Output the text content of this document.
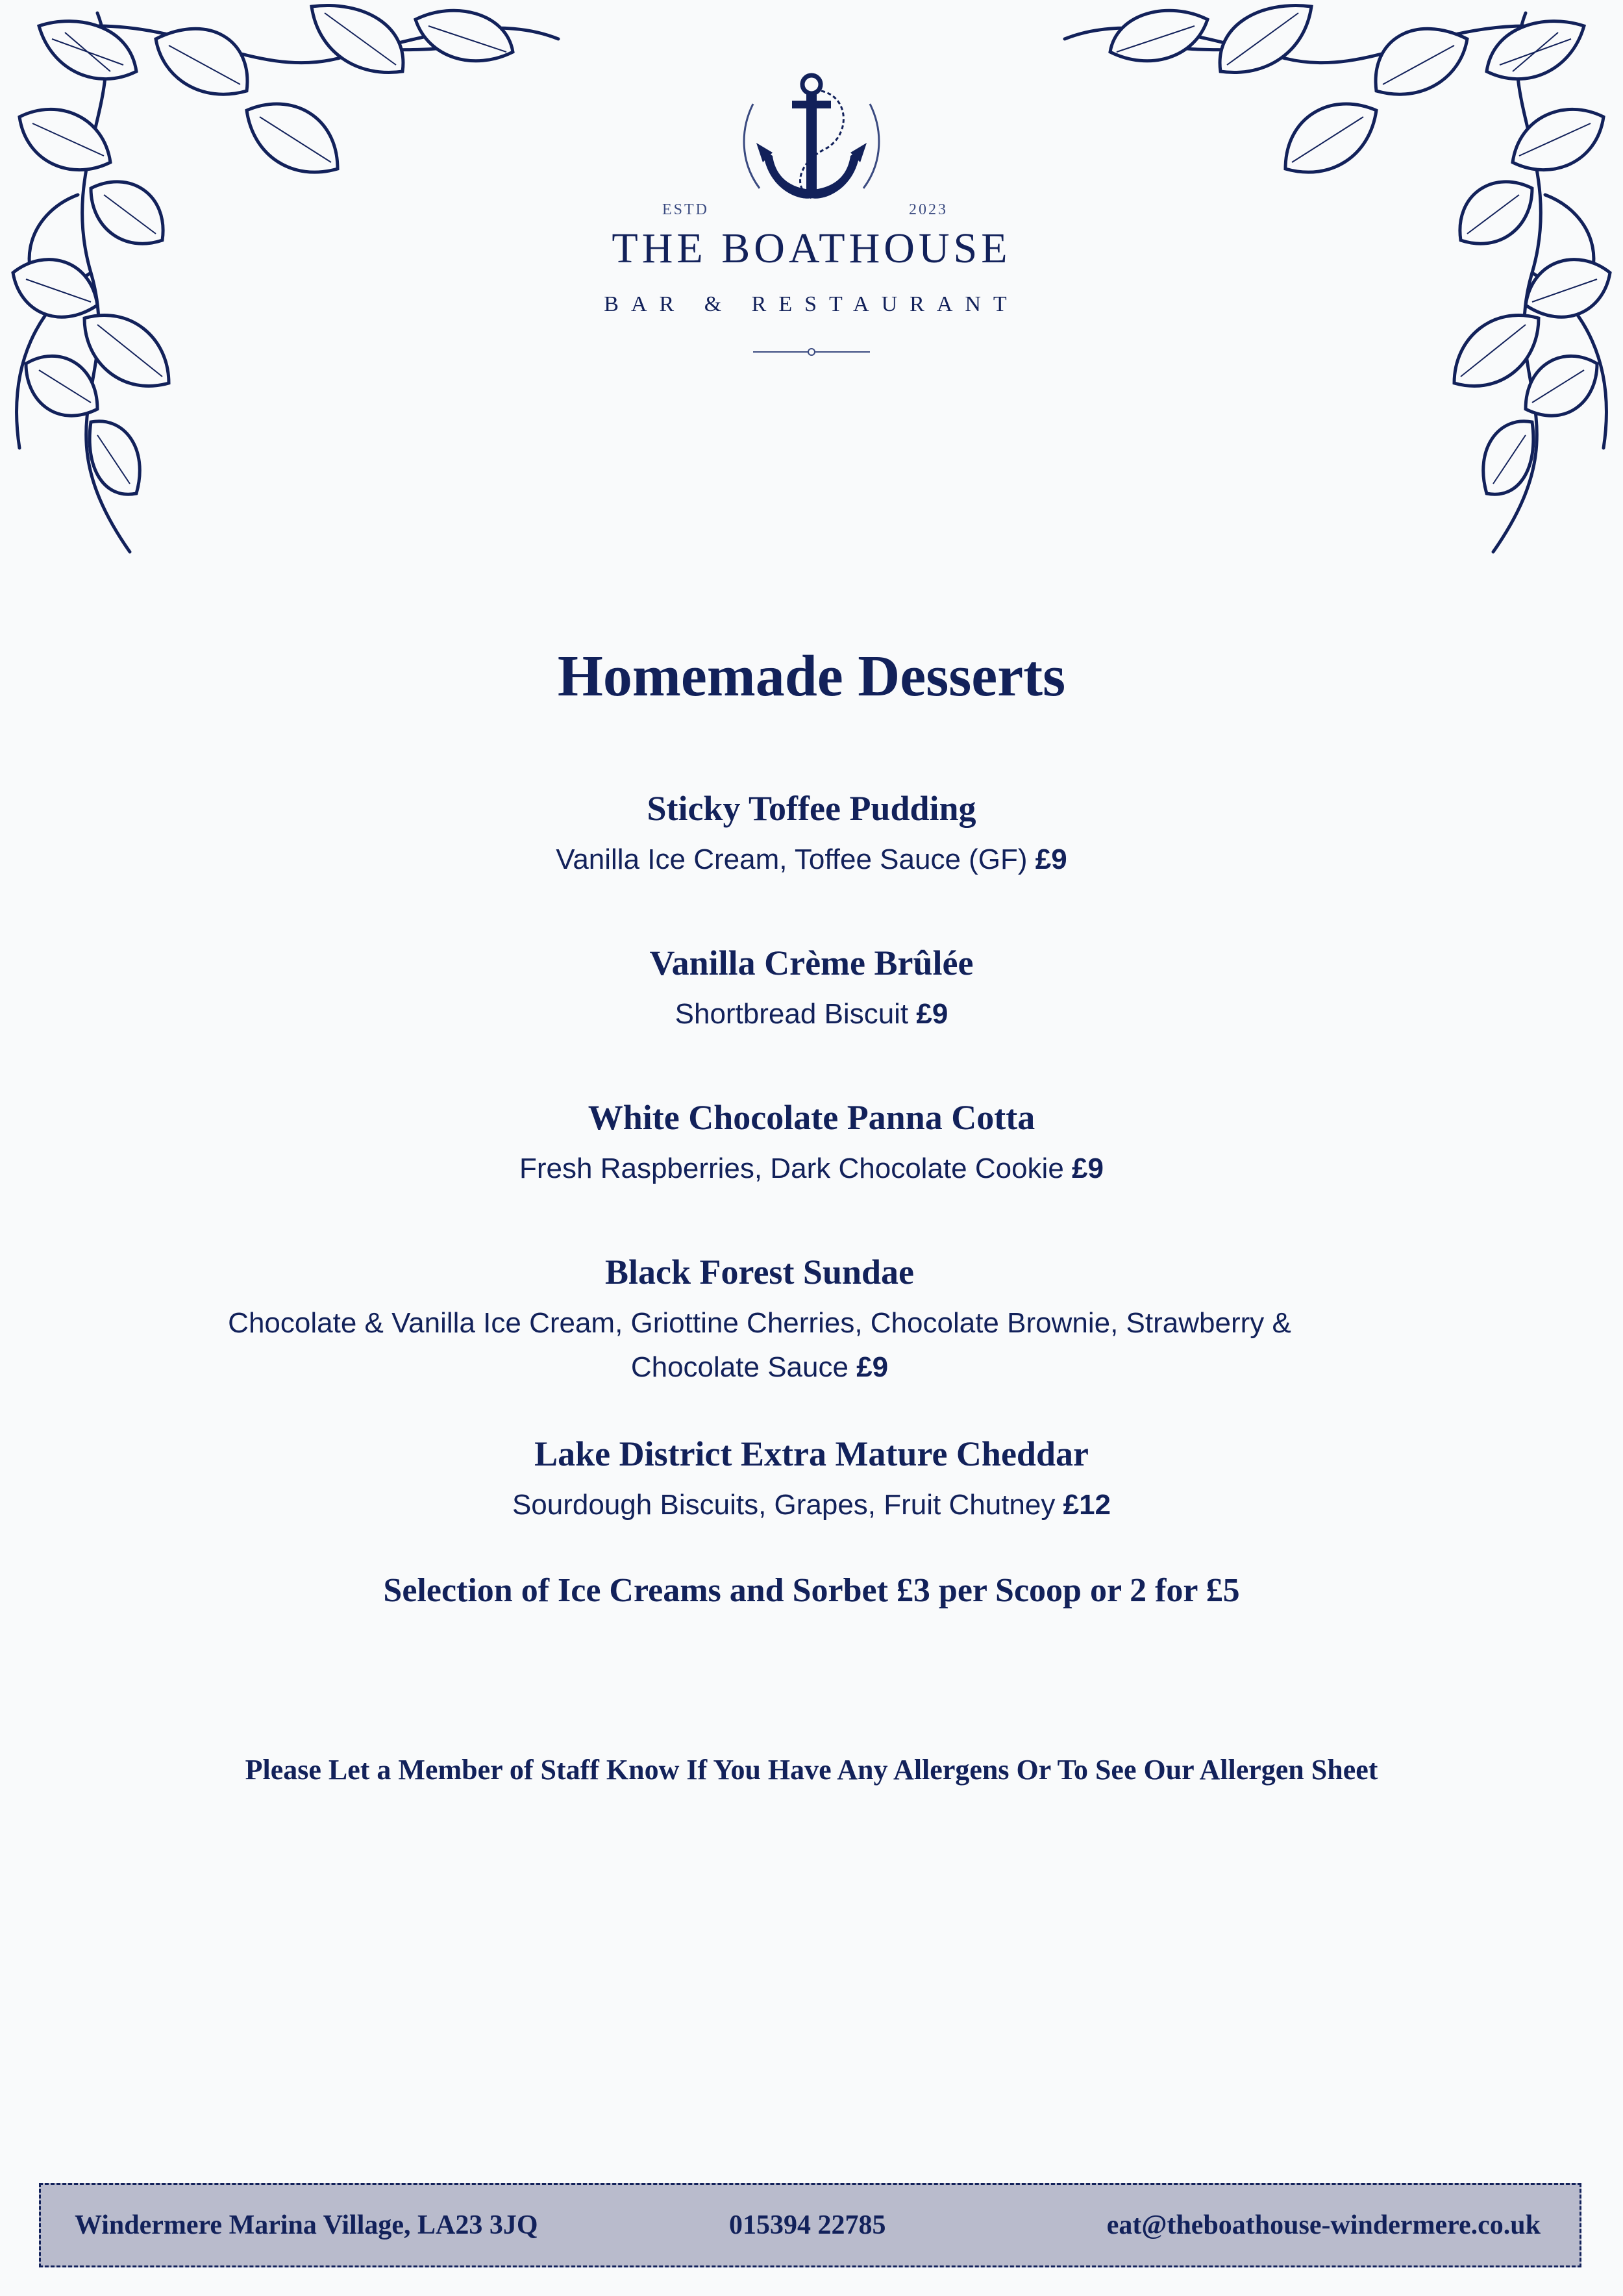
ESTD	2023
THE BOATHOUSE
BAR & RESTAURANT
Homemade Desserts
Sticky Toffee Pudding
Vanilla Ice Cream, Toffee Sauce (GF) £9
Vanilla Crème Brûlée
Shortbread Biscuit £9
White Chocolate Panna Cotta
Fresh Raspberries, Dark Chocolate Cookie £9
Black Forest Sundae
Chocolate & Vanilla Ice Cream, Griottine Cherries, Chocolate Brownie, Strawberry & Chocolate Sauce £9
Lake District Extra Mature Cheddar
Sourdough Biscuits, Grapes, Fruit Chutney £12
Selection of Ice Creams and Sorbet £3 per Scoop or 2 for £5
Please Let a Member of Staff Know If You Have Any Allergens Or To See Our Allergen Sheet
Windermere Marina Village, LA23 3JQ	015394 22785	eat@theboathouse-windermere.co.uk
